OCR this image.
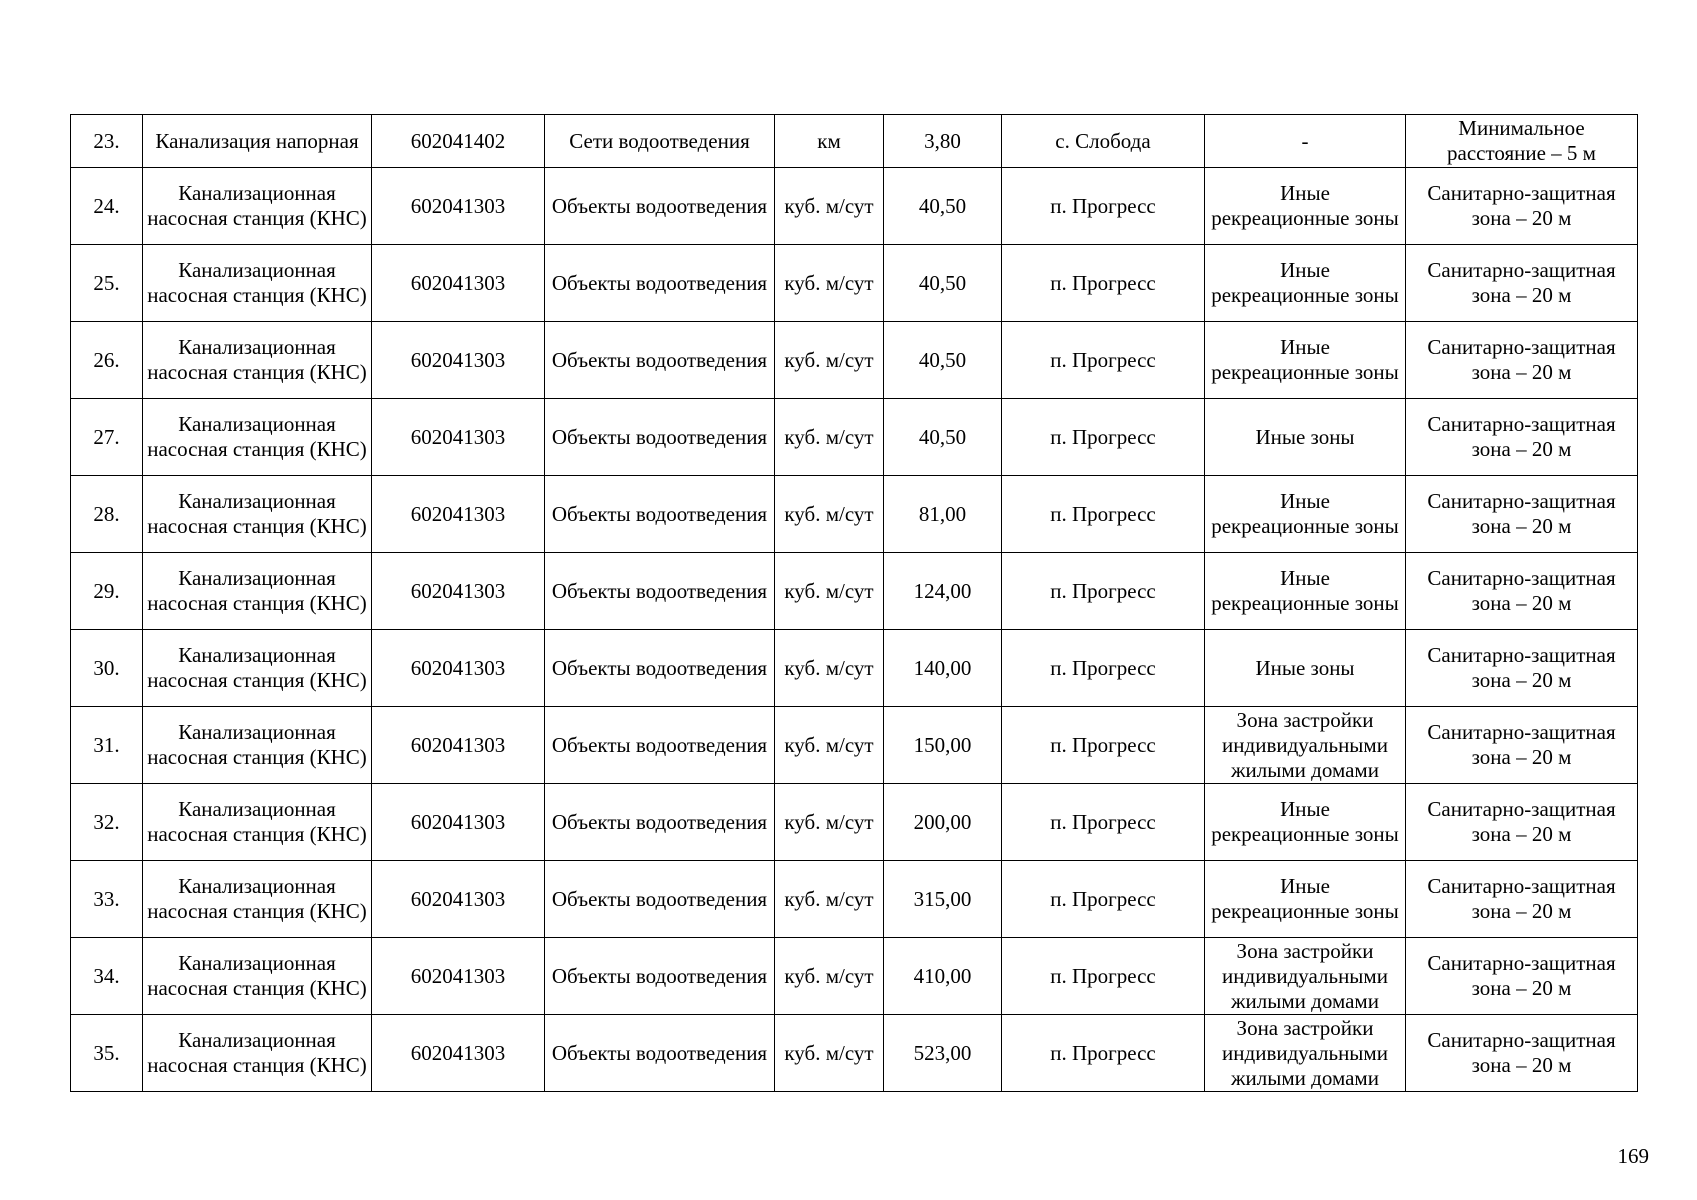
23.	Канализация напорная	602041402	Сети водоотведения	км	3,80	с. Слобода	-	Минимальное расстояние – 5 м
24.	Канализационная насосная станция (КНС)	602041303	Объекты водоотведения	куб. м/сут	40,50	п. Прогресс	Иные рекреационные зоны	Санитарно-защитная зона – 20 м
25.	Канализационная насосная станция (КНС)	602041303	Объекты водоотведения	куб. м/сут	40,50	п. Прогресс	Иные рекреационные зоны	Санитарно-защитная зона – 20 м
26.	Канализационная насосная станция (КНС)	602041303	Объекты водоотведения	куб. м/сут	40,50	п. Прогресс	Иные рекреационные зоны	Санитарно-защитная зона – 20 м
27.	Канализационная насосная станция (КНС)	602041303	Объекты водоотведения	куб. м/сут	40,50	п. Прогресс	Иные зоны	Санитарно-защитная зона – 20 м
28.	Канализационная насосная станция (КНС)	602041303	Объекты водоотведения	куб. м/сут	81,00	п. Прогресс	Иные рекреационные зоны	Санитарно-защитная зона – 20 м
29.	Канализационная насосная станция (КНС)	602041303	Объекты водоотведения	куб. м/сут	124,00	п. Прогресс	Иные рекреационные зоны	Санитарно-защитная зона – 20 м
30.	Канализационная насосная станция (КНС)	602041303	Объекты водоотведения	куб. м/сут	140,00	п. Прогресс	Иные зоны	Санитарно-защитная зона – 20 м
31.	Канализационная насосная станция (КНС)	602041303	Объекты водоотведения	куб. м/сут	150,00	п. Прогресс	Зона застройки индивидуальными жилыми домами	Санитарно-защитная зона – 20 м
32.	Канализационная насосная станция (КНС)	602041303	Объекты водоотведения	куб. м/сут	200,00	п. Прогресс	Иные рекреационные зоны	Санитарно-защитная зона – 20 м
33.	Канализационная насосная станция (КНС)	602041303	Объекты водоотведения	куб. м/сут	315,00	п. Прогресс	Иные рекреационные зоны	Санитарно-защитная зона – 20 м
34.	Канализационная насосная станция (КНС)	602041303	Объекты водоотведения	куб. м/сут	410,00	п. Прогресс	Зона застройки индивидуальными жилыми домами	Санитарно-защитная зона – 20 м
35.	Канализационная насосная станция (КНС)	602041303	Объекты водоотведения	куб. м/сут	523,00	п. Прогресс	Зона застройки индивидуальными жилыми домами	Санитарно-защитная зона – 20 м
169
